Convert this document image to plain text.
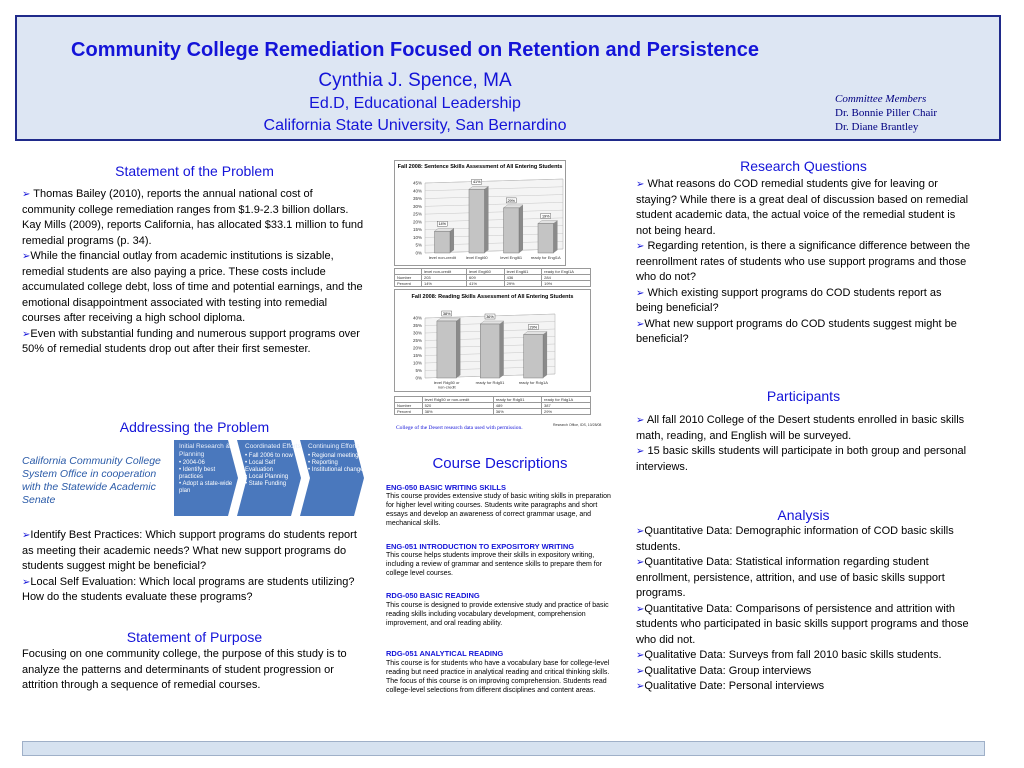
Community College Remediation Focused on Retention and Persistence
Cynthia J. Spence, MA
Ed.D, Educational Leadership
California State University, San Bernardino
Committee Members
Dr. Bonnie Piller Chair
Dr. Diane Brantley
Statement of the Problem
➢ Thomas Bailey (2010), reports the annual national cost of community college remediation ranges from $1.9-2.3 billion dollars. Kay Mills (2009), reports California, has allocated $33.1 million to fund remedial programs (p. 34).
➢While the financial outlay from academic institutions is sizable, remedial students are also paying a price. These costs include accumulated college debt, loss of time and potential earnings, and the emotional disappointment associated with testing into remedial courses after receiving a high school diploma.
➢Even with substantial funding and numerous support programs over 50% of remedial students drop out after their first semester.
Addressing the Problem
California Community College System Office in cooperation with the Statewide Academic Senate
Initial Research & Planning
• 2004-06
• Identify best practices
• Adopt a state-wide plan
Coordinated Efforts
• Fall 2006 to now
• Local Self Evaluation
• Local Planning
• State Funding
Continuing Efforts
• Regional meetings
• Reporting
• Institutional change
➢Identify Best Practices: Which support programs do students report as meeting their academic needs? What new support programs do students suggest might be beneficial?
➢Local Self Evaluation: Which local programs are students utilizing? How do the students evaluate these programs?
Statement of Purpose
Focusing on one community college, the purpose of this study is to analyze the patterns and determinants of student progression or attrition through a sequence of remedial courses.
Fall 2008: Sentence Skills Assessment of All Entering Students
0%
5%
10%
15%
20%
25%
30%
35%
40%
45%
14%
level non-credit
41%
level Engl60
29%
level Engl61
19%
ready for Engl1A
	level non-credit	level Engl60	level Engl61	ready for Engl1A
Number	203	609	436	284
Percent	14%	41%	29%	19%
Fall 2008: Reading Skills Assessment of All Entering Students
0%
5%
10%
15%
20%
25%
30%
35%
40%
38%
level Rdg50 or
non-credit
36%
ready for Rdg51
29%
ready for Rdg1A
	level Rdg50 or non-credit	ready for Rdg51	ready for Rdg1A
Number	520	489	387
Percent	38%	36%	29%
College of the Desert research data used with permission.	Research Office, IDS, 10/28/08
Course Descriptions
ENG-050 BASIC WRITING SKILLS
This course provides extensive study of basic writing skills in preparation for higher level writing courses. Students write paragraphs and short essays and develop an awareness of correct grammar usage, and mechanical skills.
ENG-051 INTRODUCTION TO EXPOSITORY WRITING
This course helps students improve their skills in expository writing, including a review of grammar and sentence skills to prepare them for college level courses.
RDG-050 BASIC READING
This course is designed to provide extensive study and practice of basic reading skills including vocabulary development, comprehension improvement, and oral reading ability.
RDG-051 ANALYTICAL READING
This course is for students who have a vocabulary base for college-level reading but need practice in analytical reading and critical thinking skills. The focus of this course is on improving comprehension. Students read college-level selections from different disciplines and content areas.
Research Questions
➢ What reasons do COD remedial students give for leaving or staying? While there is a great deal of discussion based on remedial student academic data, the actual voice of the remedial student is not being heard.
➢ Regarding retention, is there a significance difference between the reenrollment rates of students who use support programs and those who do not?
➢ Which existing support programs do COD students report as being beneficial?
➢What new support programs do COD students suggest might be beneficial?
Participants
➢ All fall 2010 College of the Desert students enrolled in basic skills math, reading, and English will be surveyed.
➢ 15 basic skills students will participate in both group and personal interviews.
Analysis
➢Quantitative Data: Demographic information of COD basic skills students.
➢Quantitative Data: Statistical information regarding student enrollment, persistence, attrition, and use of basic skills support programs.
➢Quantitative Data: Comparisons of persistence and attrition with students who participated in basic skills support programs and those who did not.
➢Qualitative Data: Surveys from fall 2010 basic skills students.
➢Qualitative Data: Group interviews
➢Qualitative Date: Personal interviews
